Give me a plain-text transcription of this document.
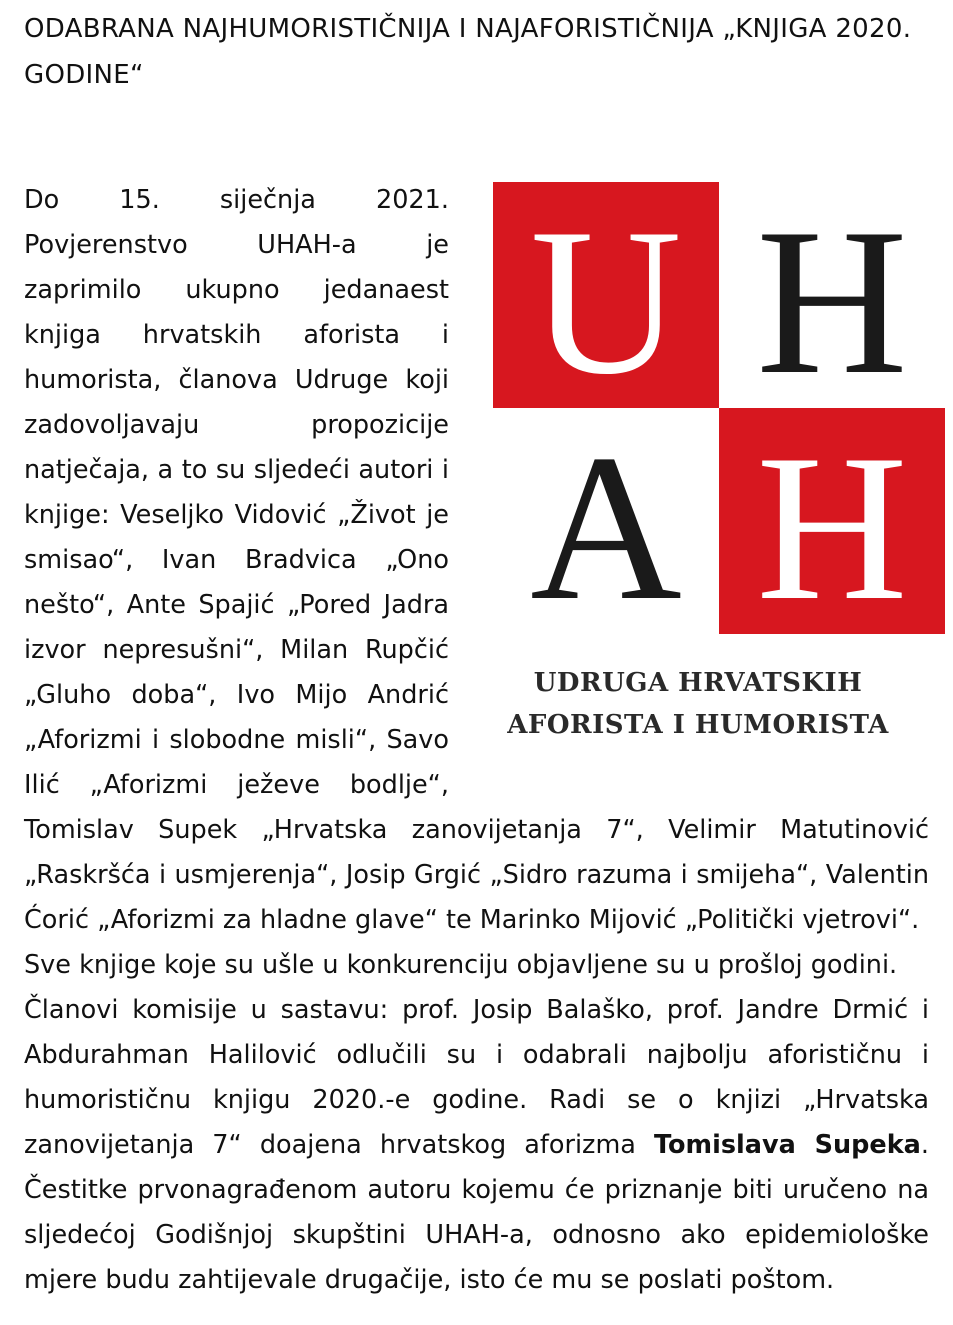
ODABRANA NAJHUMORISTIČNIJA I NAJAFORISTIČNIJA „KNJIGA 2020. GODINE“
U H
A H
UDRUGA HRVATSKIH
AFORISTA I HUMORISTA

Do 15. siječnja 2021. Povjerenstvo UHAH-a je zaprimilo ukupno jedanaest knjiga hrvatskih aforista i humorista, članova Udruge koji zadovoljavaju propozicije natječaja, a to su sljedeći autori i knjige: Veseljko Vidović „Život je smisao“, Ivan Bradvica „Ono nešto“, Ante Spajić „Pored Jadra izvor nepresušni“, Milan Rupčić „Gluho doba“, Ivo Mijo Andrić „Aforizmi i slobodne misli“, Savo Ilić „Aforizmi ježeve bodlje“, Tomislav Supek „Hrvatska zanovijetanja 7“, Velimir Matutinović „Raskršća i usmjerenja“, Josip Grgić „Sidro razuma i smijeha“, Valentin Ćorić „Aforizmi za hladne glave“ te Marinko Mijović „Politički vjetrovi“.

Sve knjige koje su ušle u konkurenciju objavljene su u prošloj godini.

Članovi komisije u sastavu: prof. Josip Balaško, prof. Jandre Drmić i Abdurahman Halilović odlučili su i odabrali najbolju aforističnu i humorističnu knjigu 2020.-e godine. Radi se o knjizi „Hrvatska zanovijetanja 7“ doajena hrvatskog aforizma Tomislava Supeka. Čestitke prvonagrađenom autoru kojemu će priznanje biti uručeno na sljedećoj Godišnjoj skupštini UHAH-a, odnosno ako epidemiološke mjere budu zahtijevale drugačije, isto će mu se poslati poštom.
